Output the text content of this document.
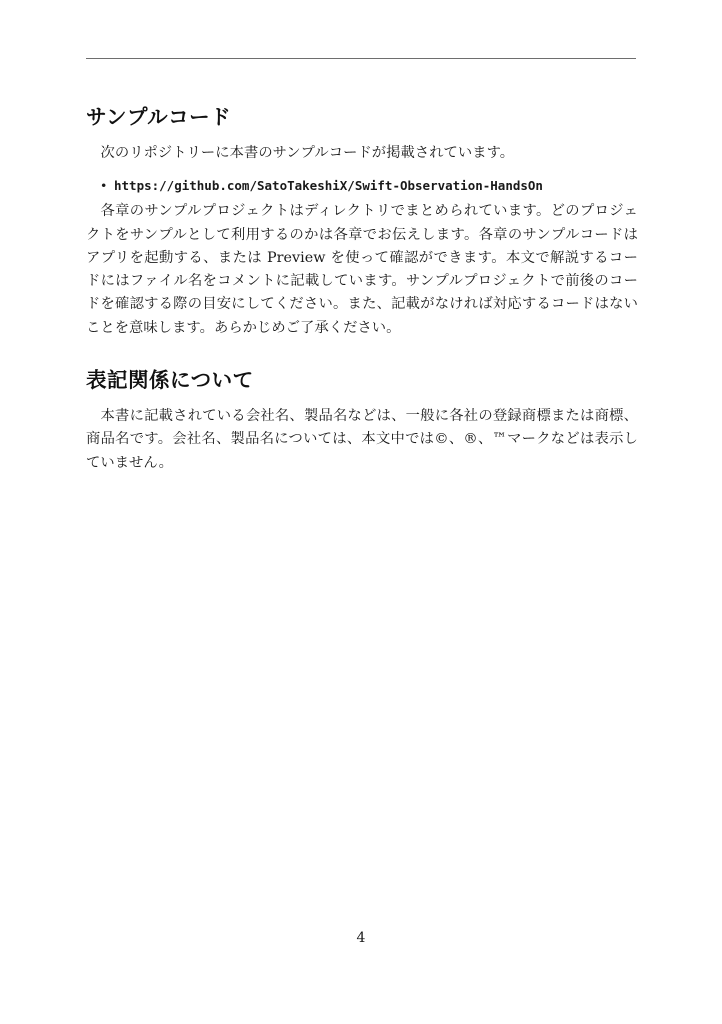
サンプルコード

次のリポジトリーに本書のサンプルコードが掲載されています。

• https://github.com/SatoTakeshiX/Swift-Observation-HandsOn

各章のサンプルプロジェクトはディレクトリでまとめられています。どのプロジェクトをサンプルとして利用するのかは各章でお伝えします。各章のサンプルコードはアプリを起動する、または Preview を使って確認ができます。本文で解説するコードにはファイル名をコメントに記載しています。サンプルプロジェクトで前後のコードを確認する際の目安にしてください。また、記載がなければ対応するコードはないことを意味します。あらかじめご了承ください。

表記関係について

本書に記載されている会社名、製品名などは、一般に各社の登録商標または商標、商品名です。会社名、製品名については、本文中では©、®、™マークなどは表示していません。

4
